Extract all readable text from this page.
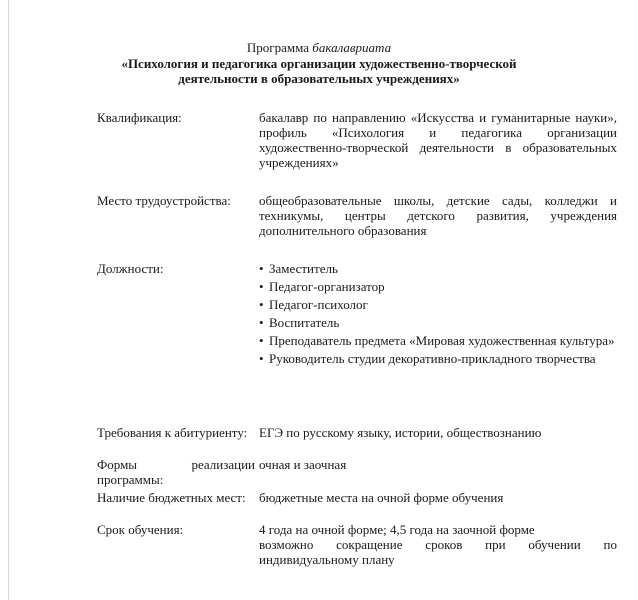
Программа бакалавриата
«Психология и педагогика организации художественно-творческой
деятельности в образовательных учреждениях»
Квалификация:	бакалавр по направлению «Искусства и гуманитарные науки», профиль «Психология и педагогика организации художественно-творческой деятельности в образовательных учреждениях»
Место трудоустройства:	общеобразовательные школы, детские сады, колледжи и техникумы, центры детского развития, учреждения дополнительного образования
Должности:	• Заместитель
• Педагог-организатор
• Педагог-психолог
• Воспитатель
• Преподаватель предмета «Мировая художественная культура»
• Руководитель студии декоративно-прикладного творчества
Требования к абитуриенту: ЕГЭ по русскому языку, истории, обществознанию
Формы реализации программы:
очная и заочная
Наличие бюджетных мест:	бюджетные места на очной форме обучения
Срок обучения:	4 года на очной форме; 4,5 года на заочной форме
возможно сокращение сроков при обучении по индивидуальному плану
